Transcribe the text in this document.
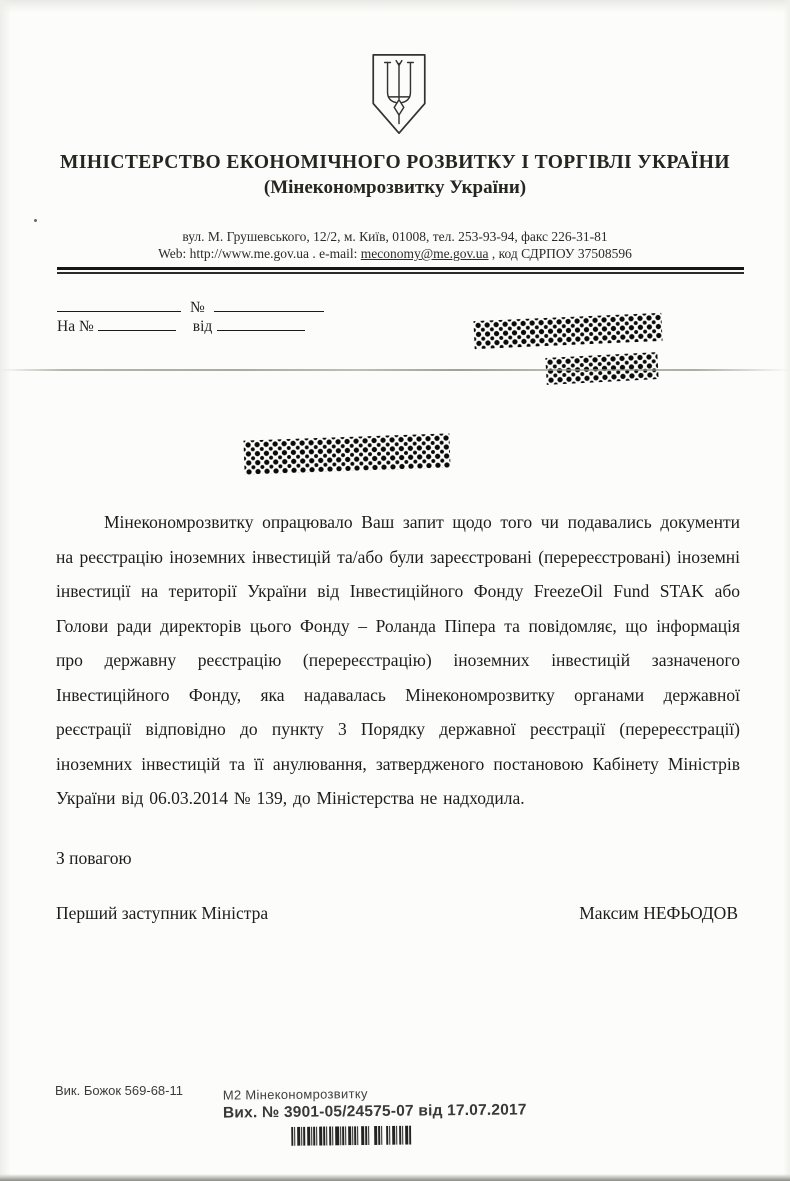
МІНІСТЕРСТВО ЕКОНОМІЧНОГО РОЗВИТКУ І ТОРГІВЛІ УКРАЇНИ
(Мінекономрозвитку України)
вул. М. Грушевського, 12/2, м. Київ, 01008, тел. 253-93-94, факс 226-31-81
Web: http://www.me.gov.ua . e-mail: meconomy@me.gov.ua , код СДРПОУ 37508596
№
На №	від
Мінекономрозвитку опрацювало Ваш запит щодо того чи подавались документи на реєстрацію іноземних інвестицій та/або були зареєстровані (перереєстровані) іноземні інвестиції на території України від Інвестиційного Фонду FreezeOil Fund STAK або Голови ради директорів цього Фонду – Роланда Піпера та повідомляє, що інформація про державну реєстрацію (перереєстрацію) іноземних інвестицій зазначеного Інвестиційного Фонду, яка надавалась Мінекономрозвитку органами державної реєстрації відповідно до пункту 3 Порядку державної реєстрації (перереєстрації) іноземних інвестицій та її анулювання, затвердженого постановою Кабінету Міністрів України від 06.03.2014 № 139, до Міністерства не надходила.
З повагою
Перший заступник Міністра	Максим НЕФЬОДОВ
Вик. Божок 569-68-11	М2 Мінекономрозвитку
Вих. № 3901-05/24575-07 від 17.07.2017
